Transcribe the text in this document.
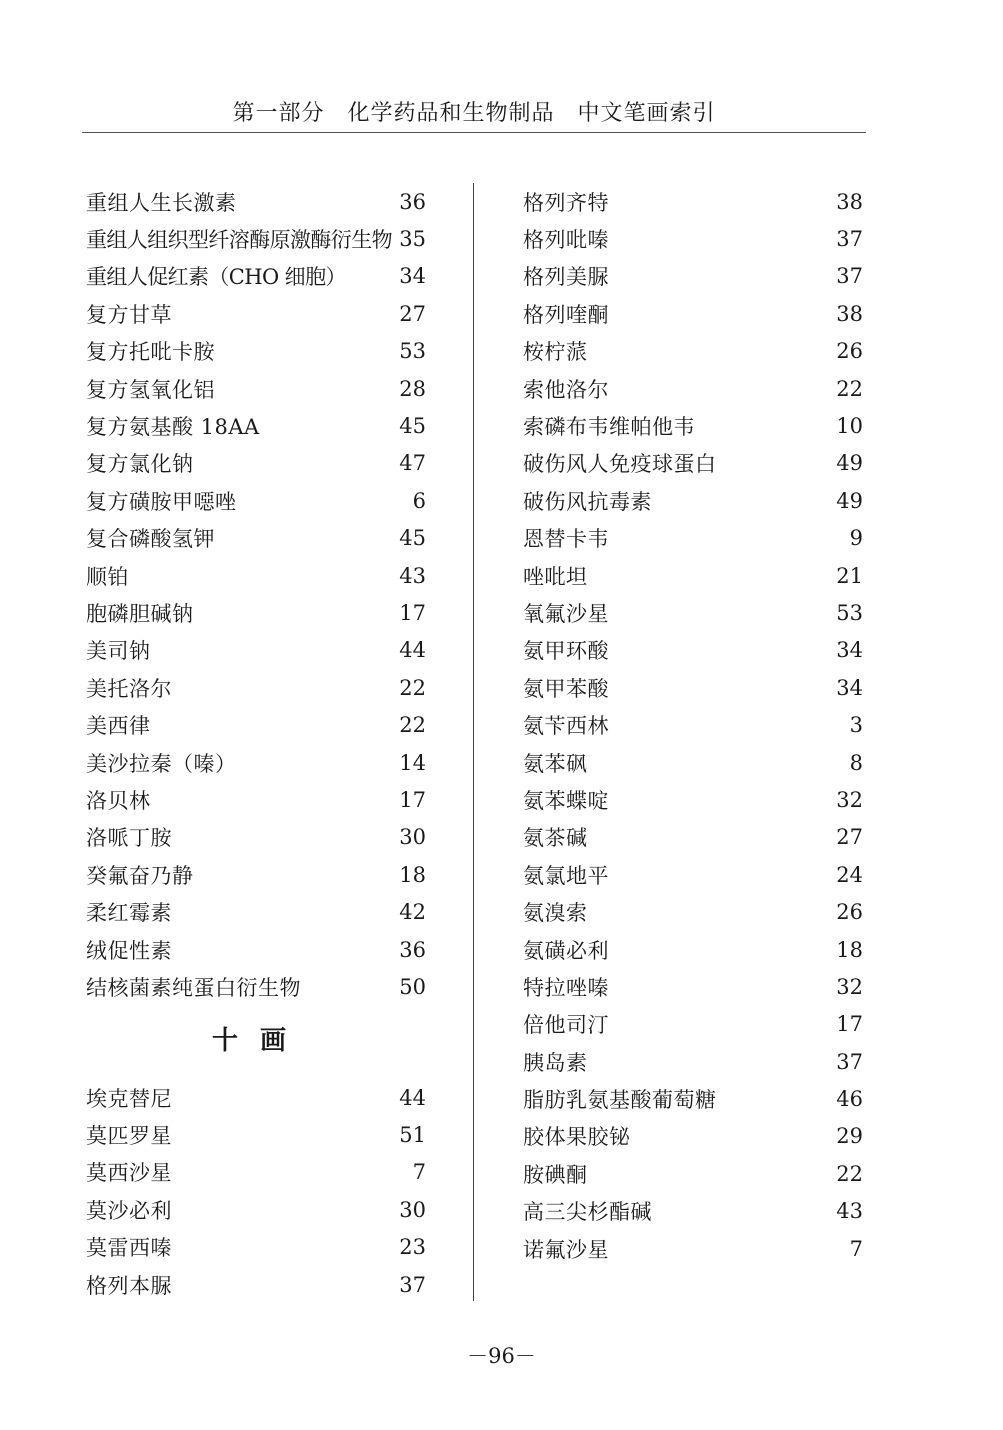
第一部分　化学药品和生物制品　中文笔画索引
重组人生长激素	36
重组人组织型纤溶酶原激酶衍生物 35
重组人促红素（CHO 细胞）	34
复方甘草	27
复方托吡卡胺	53
复方氢氧化铝	28
复方氨基酸 18AA	45
复方氯化钠	47
复方磺胺甲噁唑	6
复合磷酸氢钾	45
顺铂	43
胞磷胆碱钠	17
美司钠	44
美托洛尔	22
美西律	22
美沙拉秦（嗪）	14
洛贝林	17
洛哌丁胺	30
癸氟奋乃静	18
柔红霉素	42
绒促性素	36
结核菌素纯蛋白衍生物	50
十画
埃克替尼	44
莫匹罗星	51
莫西沙星	7
莫沙必利	30
莫雷西嗪	23
格列本脲	37
格列齐特	38
格列吡嗪	37
格列美脲	37
格列喹酮	38
桉柠蒎	26
索他洛尔	22
索磷布韦维帕他韦	10
破伤风人免疫球蛋白	49
破伤风抗毒素	49
恩替卡韦	9
唑吡坦	21
氧氟沙星	53
氨甲环酸	34
氨甲苯酸	34
氨苄西林	3
氨苯砜	8
氨苯蝶啶	32
氨茶碱	27
氨氯地平	24
氨溴索	26
氨磺必利	18
特拉唑嗪	32
倍他司汀	17
胰岛素	37
脂肪乳氨基酸葡萄糖	46
胶体果胶铋	29
胺碘酮	22
高三尖杉酯碱	43
诺氟沙星	7
－96－
